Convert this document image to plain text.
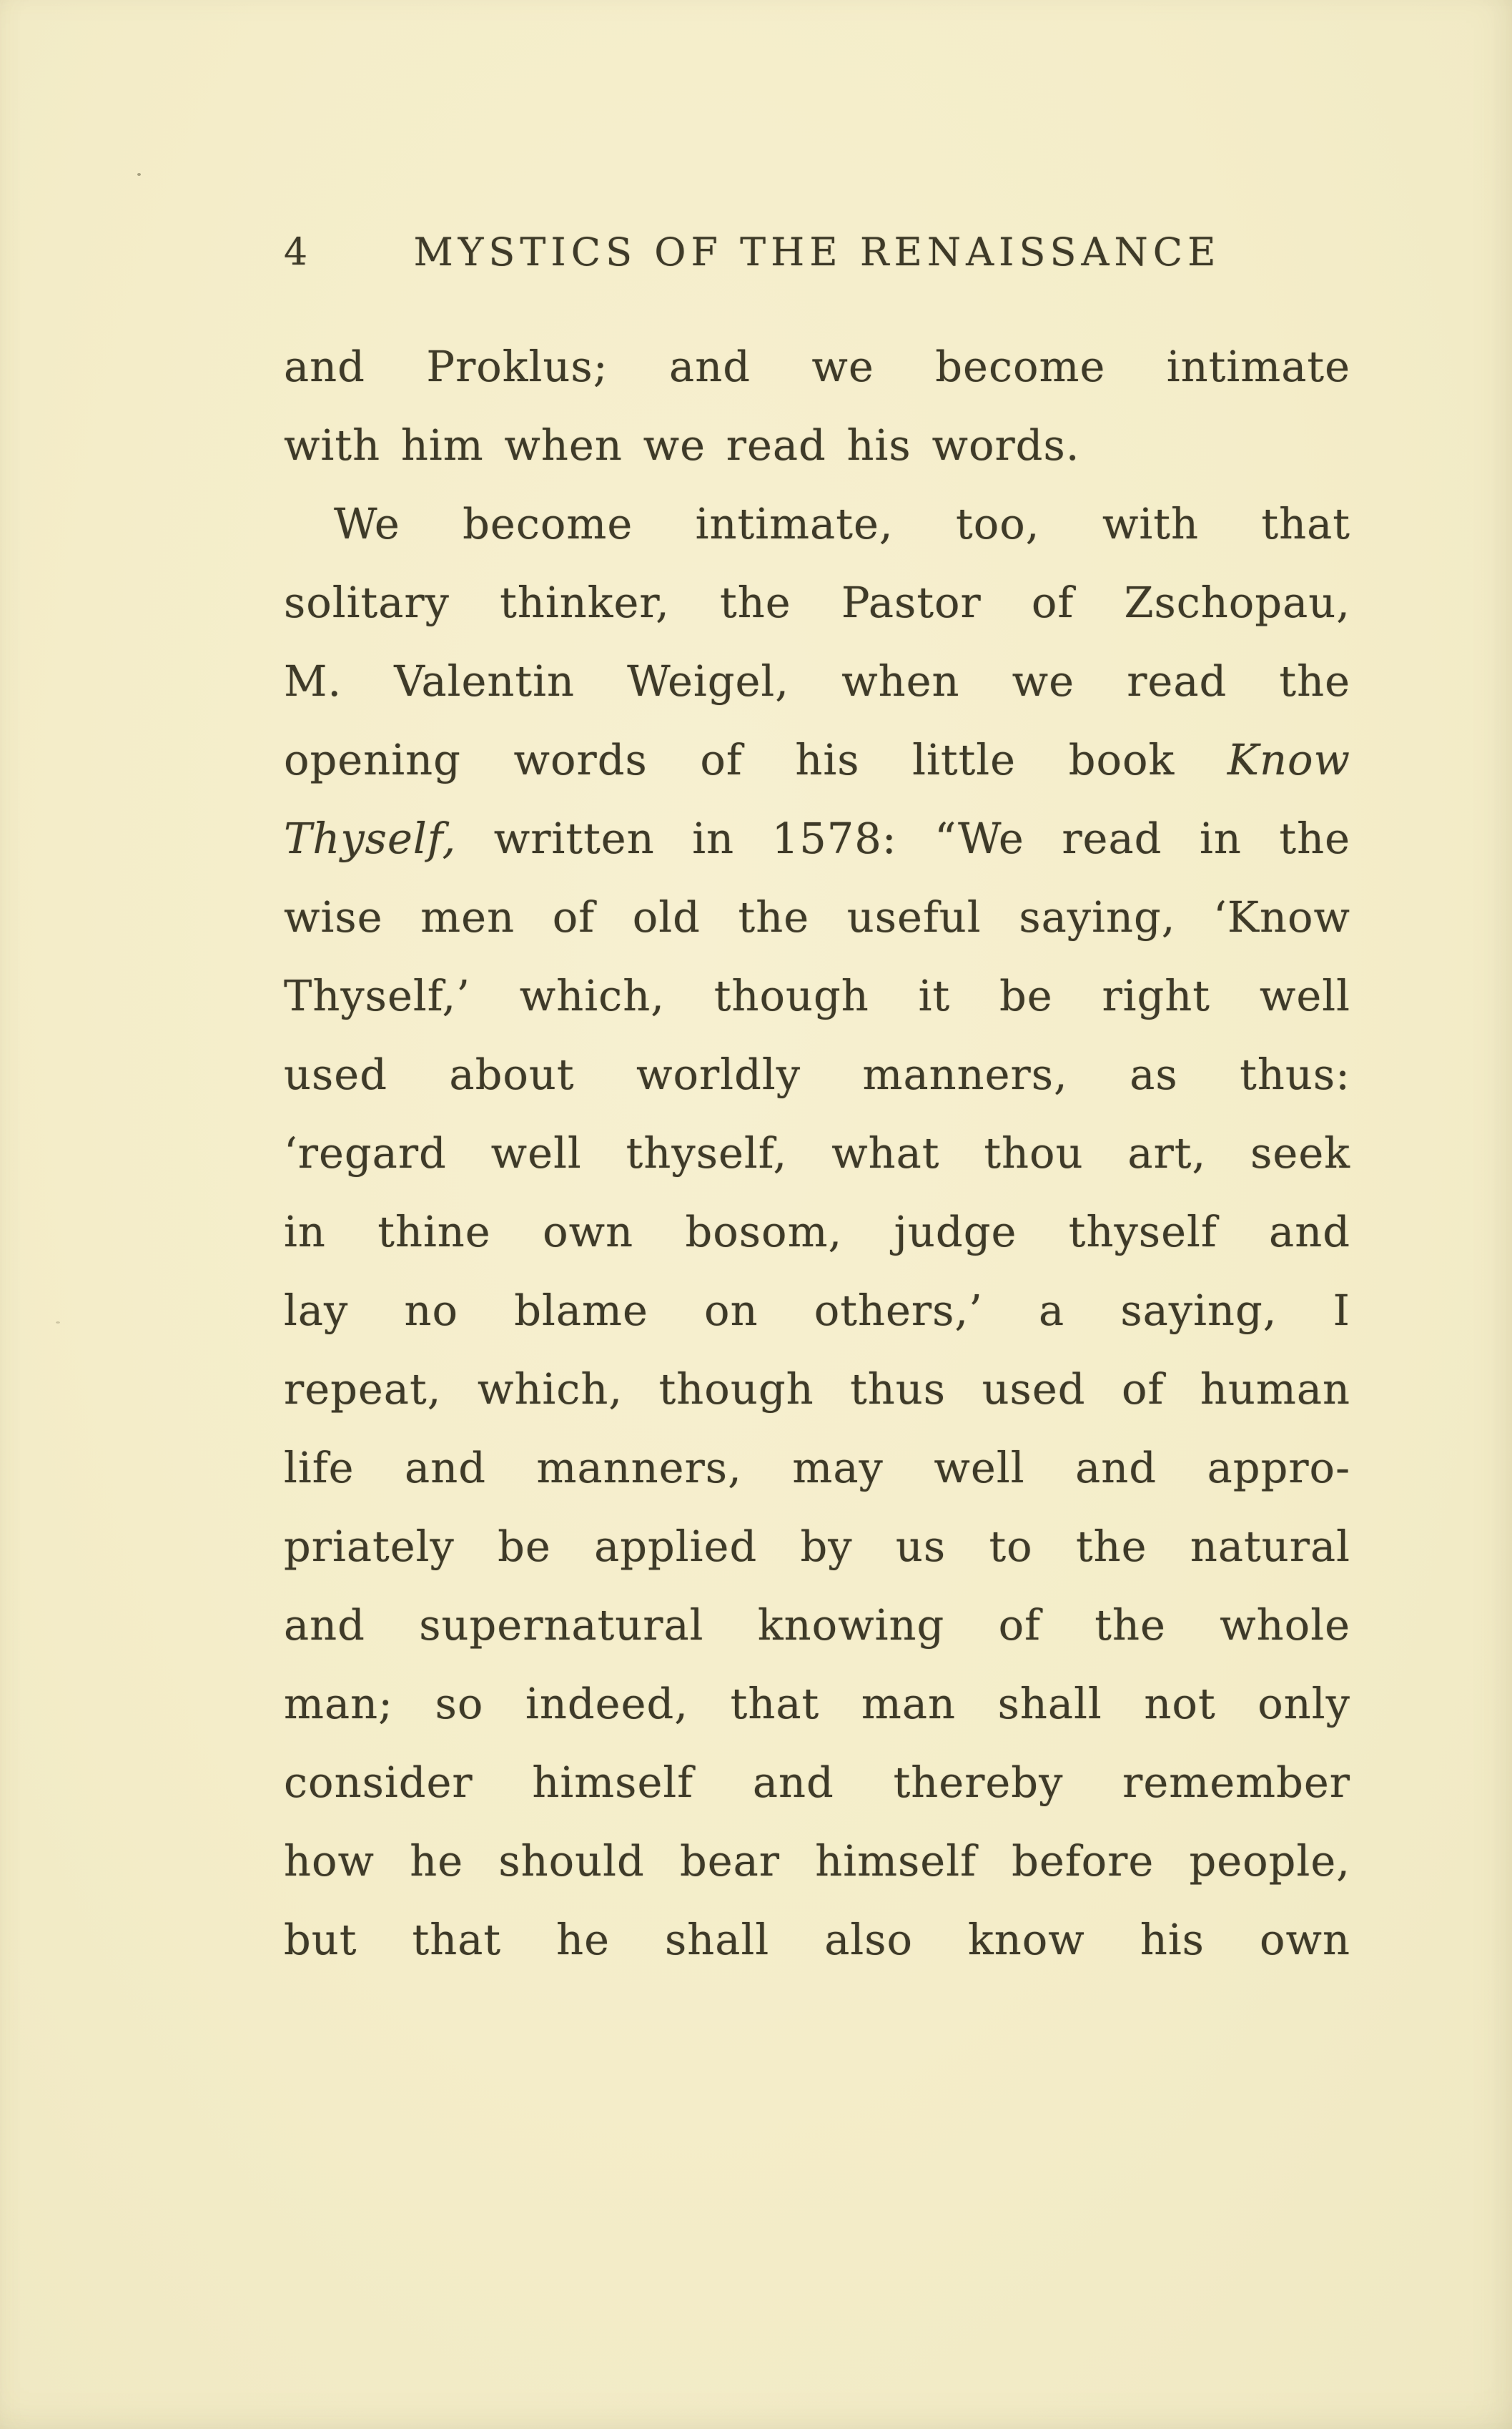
4	MYSTICS OF THE RENAISSANCE
and Proklus; and we become intimate
with him when we read his words.
We become intimate, too, with that
solitary thinker, the Pastor of Zschopau,
M. Valentin Weigel, when we read the
opening words of his little book Know
Thyself, written in 1578: “We read in the
wise men of old the useful saying, ‘Know
Thyself,’ which, though it be right well
used about worldly manners, as thus:
‘regard well thyself, what thou art, seek
in thine own bosom, judge thyself and
lay no blame on others,’ a saying, I
repeat, which, though thus used of human
life and manners, may well and appro-
priately be applied by us to the natural
and supernatural knowing of the whole
man; so indeed, that man shall not only
consider himself and thereby remember
how he should bear himself before people,
but that he shall also know his own
